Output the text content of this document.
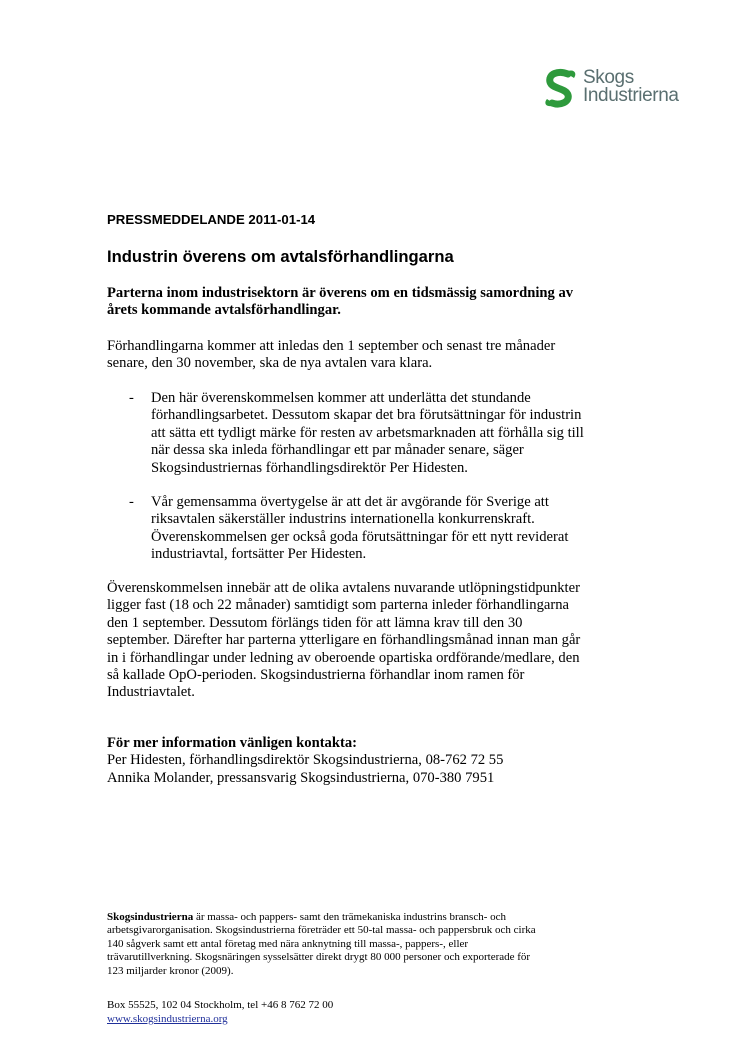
Skogs
Industrierna
PRESSMEDDELANDE 2011-01-14
Industrin överens om avtalsförhandlingarna
Parterna inom industrisektorn är överens om en tidsmässig samordning av
årets kommande avtalsförhandlingar.
Förhandlingarna kommer att inledas den 1 september och senast tre månader
senare, den 30 november, ska de nya avtalen vara klara.
- Den här överenskommelsen kommer att underlätta det stundande
förhandlingsarbetet. Dessutom skapar det bra förutsättningar för industrin
att sätta ett tydligt märke för resten av arbetsmarknaden att förhålla sig till
när dessa ska inleda förhandlingar ett par månader senare, säger
Skogsindustriernas förhandlingsdirektör Per Hidesten.
- Vår gemensamma övertygelse är att det är avgörande för Sverige att
riksavtalen säkerställer industrins internationella konkurrenskraft.
Överenskommelsen ger också goda förutsättningar för ett nytt reviderat
industriavtal, fortsätter Per Hidesten.
Överenskommelsen innebär att de olika avtalens nuvarande utlöpningstidpunkter
ligger fast (18 och 22 månader) samtidigt som parterna inleder förhandlingarna
den 1 september. Dessutom förlängs tiden för att lämna krav till den 30
september. Därefter har parterna ytterligare en förhandlingsmånad innan man går
in i förhandlingar under ledning av oberoende opartiska ordförande/medlare, den
så kallade OpO-perioden. Skogsindustrierna förhandlar inom ramen för
Industriavtalet.
För mer information vänligen kontakta:
Per Hidesten, förhandlingsdirektör Skogsindustrierna, 08-762 72 55
Annika Molander, pressansvarig Skogsindustrierna, 070-380 7951
Skogsindustrierna är massa- och pappers- samt den trämekaniska industrins bransch- och
arbetsgivarorganisation. Skogsindustrierna företräder ett 50-tal massa- och pappersbruk och cirka
140 sågverk samt ett antal företag med nära anknytning till massa-, pappers-, eller
trävarutillverkning. Skogsnäringen sysselsätter direkt drygt 80 000 personer och exporterade för
123 miljarder kronor (2009).
Box 55525, 102 04 Stockholm, tel +46 8 762 72 00
www.skogsindustrierna.org
